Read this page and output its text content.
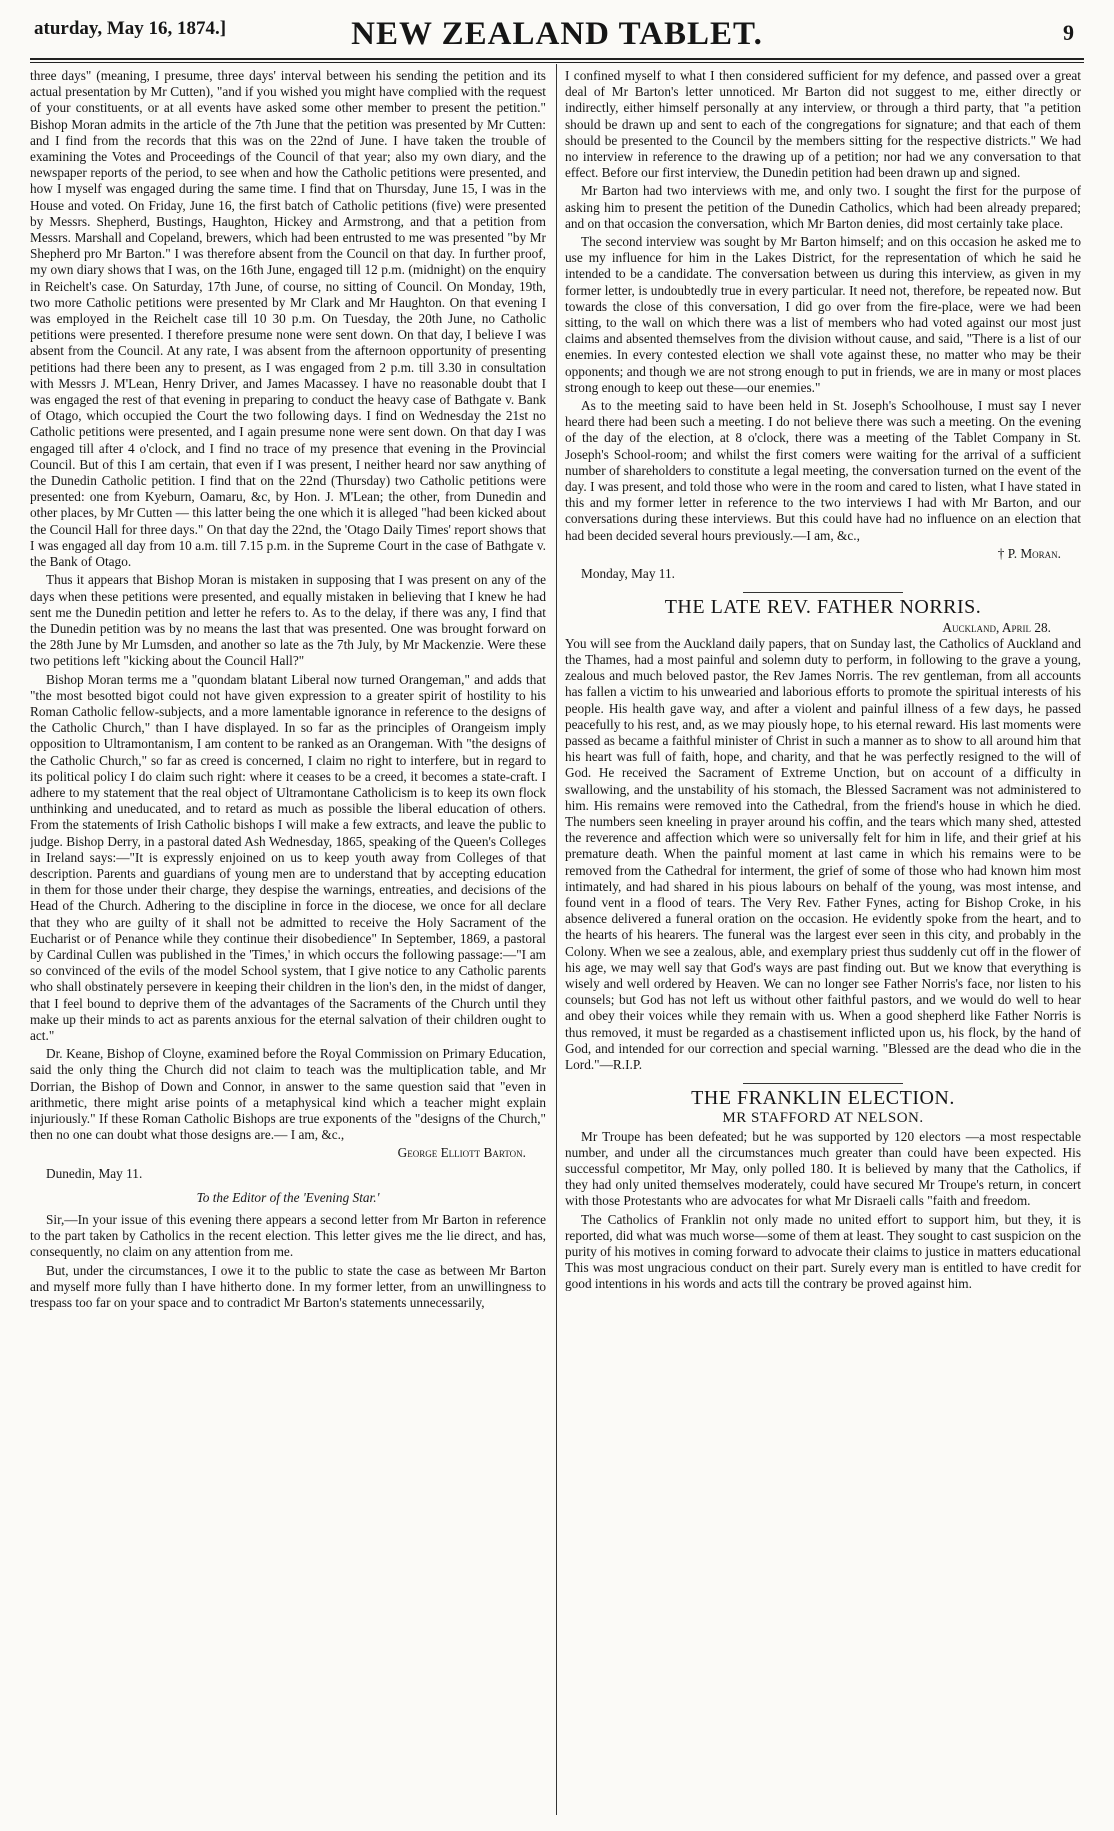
aturday, May 16, 1874.]	NEW ZEALAND TABLET.	9

three days" (meaning, I presume, three days' interval between his sending the petition and its actual presentation by Mr Cutten), "and if you wished you might have complied with the request of your constituents, or at all events have asked some other member to present the petition." Bishop Moran admits in the article of the 7th June that the petition was presented by Mr Cutten: and I find from the records that this was on the 22nd of June. I have taken the trouble of examining the Votes and Proceedings of the Council of that year; also my own diary, and the newspaper reports of the period, to see when and how the Catholic petitions were presented, and how I myself was engaged during the same time. I find that on Thursday, June 15, I was in the House and voted. On Friday, June 16, the first batch of Catholic petitions (five) were presented by Messrs. Shepherd, Bustings, Haughton, Hickey and Armstrong, and that a petition from Messrs. Marshall and Copeland, brewers, which had been entrusted to me was presented "by Mr Shepherd pro Mr Barton." I was therefore absent from the Council on that day. In further proof, my own diary shows that I was, on the 16th June, engaged till 12 p.m. (midnight) on the enquiry in Reichelt's case. On Saturday, 17th June, of course, no sitting of Council. On Monday, 19th, two more Catholic petitions were presented by Mr Clark and Mr Haughton. On that evening I was employed in the Reichelt case till 10 30 p.m. On Tuesday, the 20th June, no Catholic petitions were presented. I therefore presume none were sent down. On that day, I believe I was absent from the Council. At any rate, I was absent from the afternoon opportunity of presenting petitions had there been any to present, as I was engaged from 2 p.m. till 3.30 in consultation with Messrs J. M'Lean, Henry Driver, and James Macassey. I have no reasonable doubt that I was engaged the rest of that evening in preparing to conduct the heavy case of Bathgate v. Bank of Otago, which occupied the Court the two following days. I find on Wednesday the 21st no Catholic petitions were presented, and I again presume none were sent down. On that day I was engaged till after 4 o'clock, and I find no trace of my presence that evening in the Provincial Council. But of this I am certain, that even if I was present, I neither heard nor saw anything of the Dunedin Catholic petition. I find that on the 22nd (Thursday) two Catholic petitions were presented: one from Kyeburn, Oamaru, &c, by Hon. J. M'Lean; the other, from Dunedin and other places, by Mr Cutten — this latter being the one which it is alleged "had been kicked about the Council Hall for three days." On that day the 22nd, the 'Otago Daily Times' report shows that I was engaged all day from 10 a.m. till 7.15 p.m. in the Supreme Court in the case of Bathgate v. the Bank of Otago.

Thus it appears that Bishop Moran is mistaken in supposing that I was present on any of the days when these petitions were presented, and equally mistaken in believing that I knew he had sent me the Dunedin petition and letter he refers to. As to the delay, if there was any, I find that the Dunedin petition was by no means the last that was presented. One was brought forward on the 28th June by Mr Lumsden, and another so late as the 7th July, by Mr Mackenzie. Were these two petitions left "kicking about the Council Hall?"

Bishop Moran terms me a "quondam blatant Liberal now turned Orangeman," and adds that "the most besotted bigot could not have given expression to a greater spirit of hostility to his Roman Catholic fellow-subjects, and a more lamentable ignorance in reference to the designs of the Catholic Church," than I have displayed. In so far as the principles of Orangeism imply opposition to Ultramontanism, I am content to be ranked as an Orangeman. With "the designs of the Catholic Church," so far as creed is concerned, I claim no right to interfere, but in regard to its political policy I do claim such right: where it ceases to be a creed, it becomes a state-craft. I adhere to my statement that the real object of Ultramontane Catholicism is to keep its own flock unthinking and uneducated, and to retard as much as possible the liberal education of others. From the statements of Irish Catholic bishops I will make a few extracts, and leave the public to judge. Bishop Derry, in a pastoral dated Ash Wednesday, 1865, speaking of the Queen's Colleges in Ireland says:—"It is expressly enjoined on us to keep youth away from Colleges of that description. Parents and guardians of young men are to understand that by accepting education in them for those under their charge, they despise the warnings, entreaties, and decisions of the Head of the Church. Adhering to the discipline in force in the diocese, we once for all declare that they who are guilty of it shall not be admitted to receive the Holy Sacrament of the Eucharist or of Penance while they continue their disobedience" In September, 1869, a pastoral by Cardinal Cullen was published in the 'Times,' in which occurs the following passage:—"I am so convinced of the evils of the model School system, that I give notice to any Catholic parents who shall obstinately persevere in keeping their children in the lion's den, in the midst of danger, that I feel bound to deprive them of the advantages of the Sacraments of the Church until they make up their minds to act as parents anxious for the eternal salvation of their children ought to act."

Dr. Keane, Bishop of Cloyne, examined before the Royal Commission on Primary Education, said the only thing the Church did not claim to teach was the multiplication table, and Mr Dorrian, the Bishop of Down and Connor, in answer to the same question said that "even in arithmetic, there might arise points of a metaphysical kind which a teacher might explain injuriously." If these Roman Catholic Bishops are true exponents of the "designs of the Church," then no one can doubt what those designs are.— I am, &c.,

George Elliott Barton.
Dunedin, May 11.
To the Editor of the 'Evening Star.'

Sir,—In your issue of this evening there appears a second letter from Mr Barton in reference to the part taken by Catholics in the recent election. This letter gives me the lie direct, and has, consequently, no claim on any attention from me.

But, under the circumstances, I owe it to the public to state the case as between Mr Barton and myself more fully than I have hitherto done. In my former letter, from an unwillingness to trespass too far on your space and to contradict Mr Barton's statements unnecessarily,

I confined myself to what I then considered sufficient for my defence, and passed over a great deal of Mr Barton's letter unnoticed. Mr Barton did not suggest to me, either directly or indirectly, either himself personally at any interview, or through a third party, that "a petition should be drawn up and sent to each of the congregations for signature; and that each of them should be presented to the Council by the members sitting for the respective districts." We had no interview in reference to the drawing up of a petition; nor had we any conversation to that effect. Before our first interview, the Dunedin petition had been drawn up and signed.

Mr Barton had two interviews with me, and only two. I sought the first for the purpose of asking him to present the petition of the Dunedin Catholics, which had been already prepared; and on that occasion the conversation, which Mr Barton denies, did most certainly take place.

The second interview was sought by Mr Barton himself; and on this occasion he asked me to use my influence for him in the Lakes District, for the representation of which he said he intended to be a candidate. The conversation between us during this interview, as given in my former letter, is undoubtedly true in every particular. It need not, therefore, be repeated now. But towards the close of this conversation, I did go over from the fire-place, were we had been sitting, to the wall on which there was a list of members who had voted against our most just claims and absented themselves from the division without cause, and said, "There is a list of our enemies. In every contested election we shall vote against these, no matter who may be their opponents; and though we are not strong enough to put in friends, we are in many or most places strong enough to keep out these—our enemies."

As to the meeting said to have been held in St. Joseph's Schoolhouse, I must say I never heard there had been such a meeting. I do not believe there was such a meeting. On the evening of the day of the election, at 8 o'clock, there was a meeting of the Tablet Company in St. Joseph's School-room; and whilst the first comers were waiting for the arrival of a sufficient number of shareholders to constitute a legal meeting, the conversation turned on the event of the day. I was present, and told those who were in the room and cared to listen, what I have stated in this and my former letter in reference to the two interviews I had with Mr Barton, and our conversations during these interviews. But this could have had no influence on an election that had been decided several hours previously.—I am, &c.,

† P. Moran.
Monday, May 11.
THE LATE REV. FATHER NORRIS.
Auckland, April 28.

You will see from the Auckland daily papers, that on Sunday last, the Catholics of Auckland and the Thames, had a most painful and solemn duty to perform, in following to the grave a young, zealous and much beloved pastor, the Rev James Norris. The rev gentleman, from all accounts has fallen a victim to his unwearied and laborious efforts to promote the spiritual interests of his people. His health gave way, and after a violent and painful illness of a few days, he passed peacefully to his rest, and, as we may piously hope, to his eternal reward. His last moments were passed as became a faithful minister of Christ in such a manner as to show to all around him that his heart was full of faith, hope, and charity, and that he was perfectly resigned to the will of God. He received the Sacrament of Extreme Unction, but on account of a difficulty in swallowing, and the unstability of his stomach, the Blessed Sacrament was not administered to him. His remains were removed into the Cathedral, from the friend's house in which he died. The numbers seen kneeling in prayer around his coffin, and the tears which many shed, attested the reverence and affection which were so universally felt for him in life, and their grief at his premature death. When the painful moment at last came in which his remains were to be removed from the Cathedral for interment, the grief of some of those who had known him most intimately, and had shared in his pious labours on behalf of the young, was most intense, and found vent in a flood of tears. The Very Rev. Father Fynes, acting for Bishop Croke, in his absence delivered a funeral oration on the occasion. He evidently spoke from the heart, and to the hearts of his hearers. The funeral was the largest ever seen in this city, and probably in the Colony. When we see a zealous, able, and exemplary priest thus suddenly cut off in the flower of his age, we may well say that God's ways are past finding out. But we know that everything is wisely and well ordered by Heaven. We can no longer see Father Norris's face, nor listen to his counsels; but God has not left us without other faithful pastors, and we would do well to hear and obey their voices while they remain with us. When a good shepherd like Father Norris is thus removed, it must be regarded as a chastisement inflicted upon us, his flock, by the hand of God, and intended for our correction and special warning. "Blessed are the dead who die in the Lord."—R.I.P.

THE FRANKLIN ELECTION.
MR STAFFORD AT NELSON.

Mr Troupe has been defeated; but he was supported by 120 electors —a most respectable number, and under all the circumstances much greater than could have been expected. His successful competitor, Mr May, only polled 180. It is believed by many that the Catholics, if they had only united themselves moderately, could have secured Mr Troupe's return, in concert with those Protestants who are advocates for what Mr Disraeli calls "faith and freedom.

The Catholics of Franklin not only made no united effort to support him, but they, it is reported, did what was much worse—some of them at least. They sought to cast suspicion on the purity of his motives in coming forward to advocate their claims to justice in matters educational This was most ungracious conduct on their part. Surely every man is entitled to have credit for good intentions in his words and acts till the contrary be proved against him.
